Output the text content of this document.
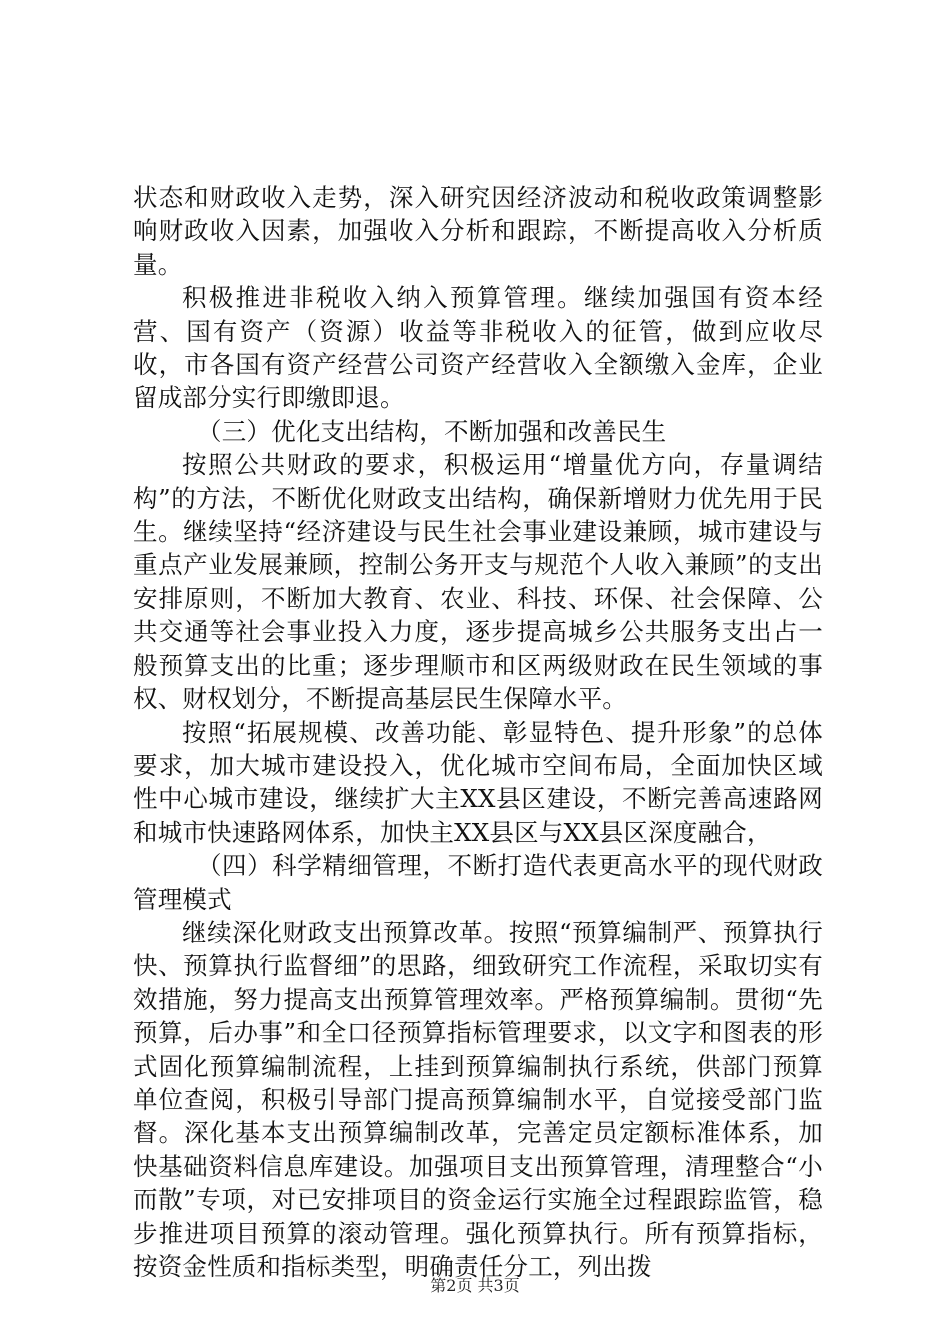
状态和财政收入走势，深入研究因经济波动和税收政策调整影响财政收入因素，加强收入分析和跟踪，不断提高收入分析质量。

积极推进非税收入纳入预算管理。继续加强国有资本经营、国有资产（资源）收益等非税收入的征管，做到应收尽收，市各国有资产经营公司资产经营收入全额缴入金库，企业留成部分实行即缴即退。

（三）优化支出结构，不断加强和改善民生

按照公共财政的要求，积极运用“增量优方向，存量调结构”的方法，不断优化财政支出结构，确保新增财力优先用于民生。继续坚持“经济建设与民生社会事业建设兼顾，城市建设与重点产业发展兼顾，控制公务开支与规范个人收入兼顾”的支出安排原则，不断加大教育、农业、科技、环保、社会保障、公共交通等社会事业投入力度，逐步提高城乡公共服务支出占一般预算支出的比重；逐步理顺市和区两级财政在民生领域的事权、财权划分，不断提高基层民生保障水平。

按照“拓展规模、改善功能、彰显特色、提升形象”的总体要求，加大城市建设投入，优化城市空间布局，全面加快区域性中心城市建设，继续扩大主XX县区建设，不断完善高速路网和城市快速路网体系，加快主XX县区与XX县区深度融合，

（四）科学精细管理，不断打造代表更高水平的现代财政管理模式

继续深化财政支出预算改革。按照“预算编制严、预算执行快、预算执行监督细”的思路，细致研究工作流程，采取切实有效措施，努力提高支出预算管理效率。严格预算编制。贯彻“先预算，后办事”和全口径预算指标管理要求，以文字和图表的形式固化预算编制流程，上挂到预算编制执行系统，供部门预算单位查阅，积极引导部门提高预算编制水平，自觉接受部门监督。深化基本支出预算编制改革，完善定员定额标准体系，加快基础资料信息库建设。加强项目支出预算管理，清理整合“小而散”专项，对已安排项目的资金运行实施全过程跟踪监管，稳步推进项目预算的滚动管理。强化预算执行。所有预算指标，按资金性质和指标类型，明确责任分工，列出拨

第2页 共3页
